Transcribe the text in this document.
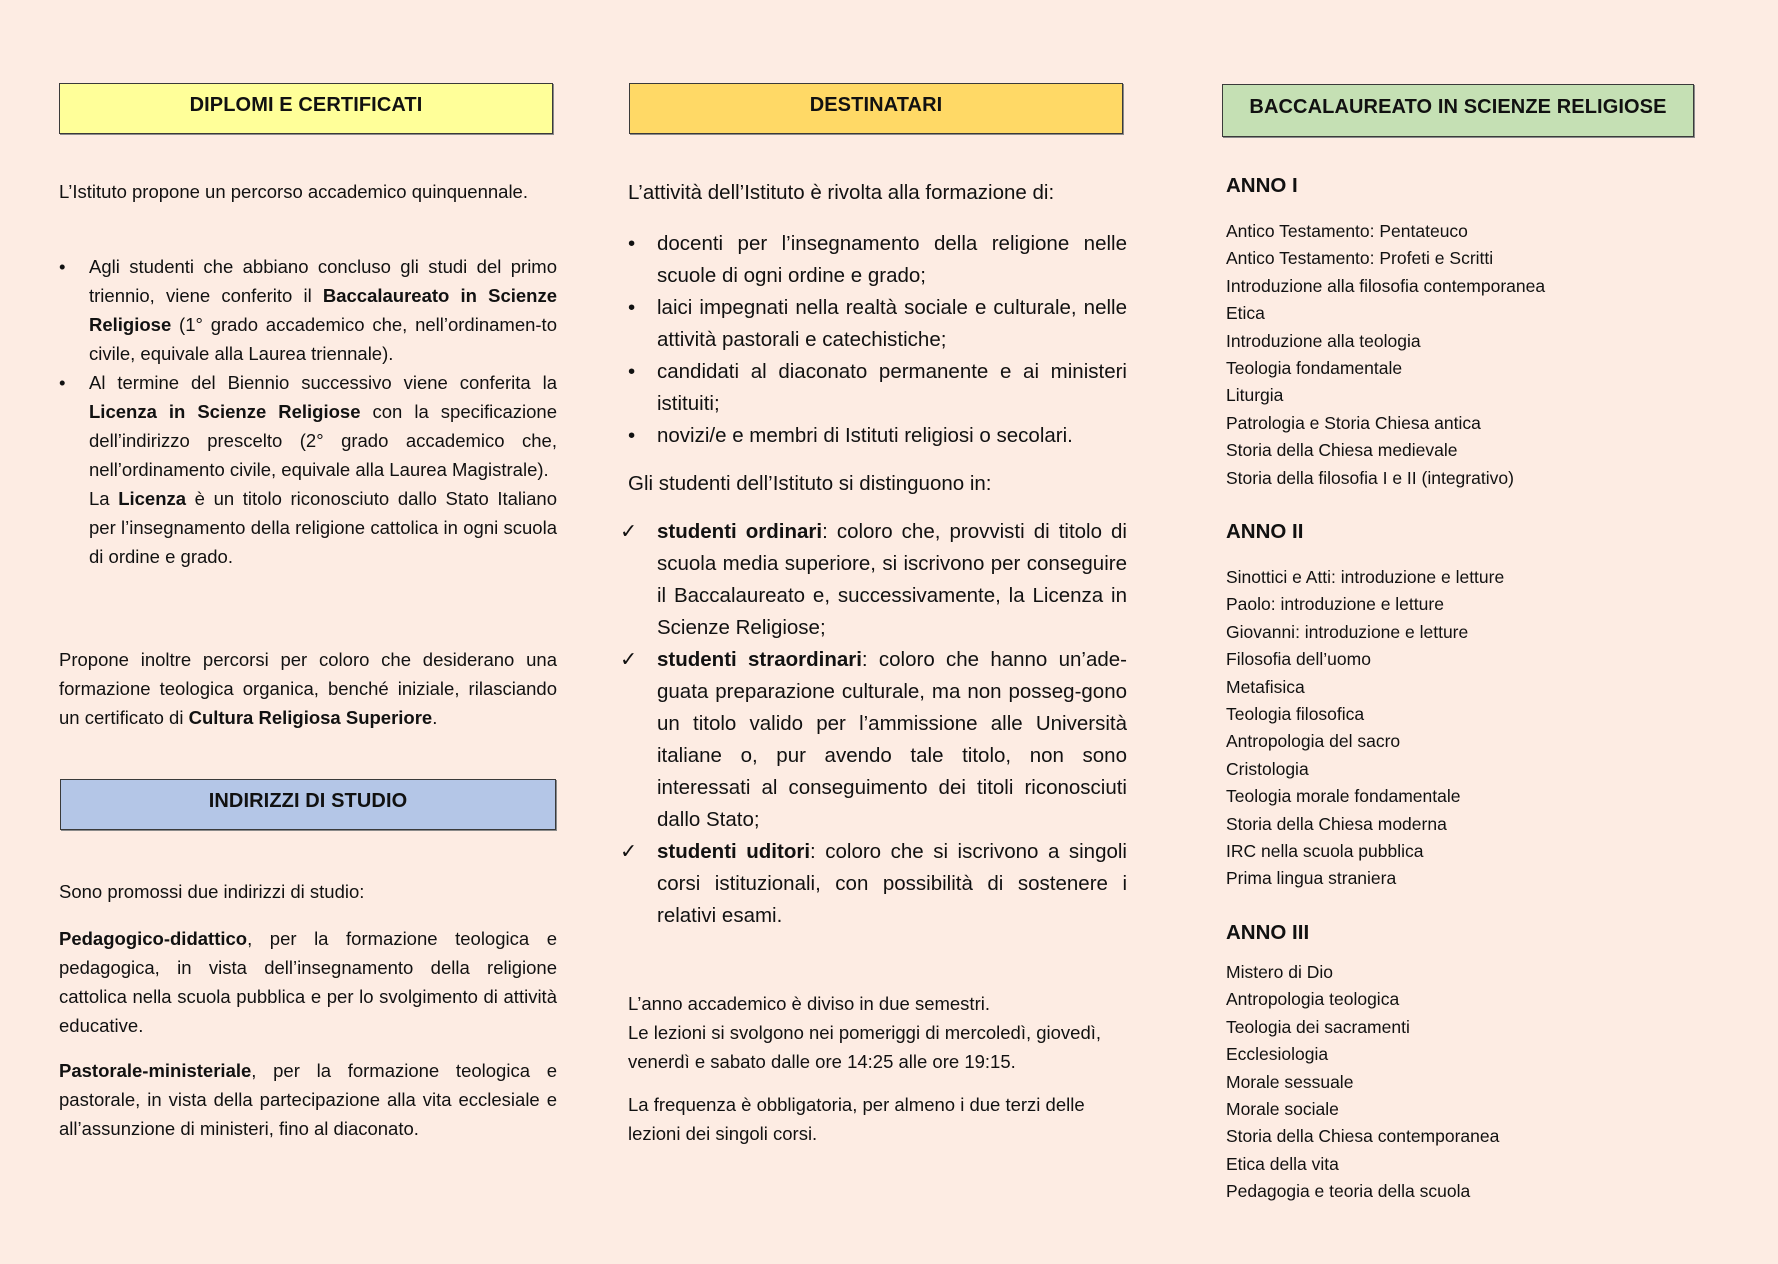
DIPLOMI E CERTIFICATI

L’Istituto propone un percorso accademico quinquennale.

•	Agli studenti che abbiano concluso gli studi del primo triennio, viene conferito il Baccalaureato in Scienze Religiose (1° grado accademico che, nell’ordinamen-to civile, equivale alla Laurea triennale).
•	Al termine del Biennio successivo viene conferita la Licenza in Scienze Religiose con la specificazione dell’indirizzo prescelto (2° grado accademico che, nell’ordinamento civile, equivale alla Laurea Magistrale).
La Licenza è un titolo riconosciuto dallo Stato Italiano per l’insegnamento della religione cattolica in ogni scuola di ordine e grado.

Propone inoltre percorsi per coloro che desiderano una formazione teologica organica, benché iniziale, rilasciando un certificato di Cultura Religiosa Superiore.

INDIRIZZI DI STUDIO

Sono promossi due indirizzi di studio:

Pedagogico-didattico, per la formazione teologica e pedagogica, in vista dell’insegnamento della religione cattolica nella scuola pubblica e per lo svolgimento di attività educative.

Pastorale-ministeriale, per la formazione teologica e pastorale, in vista della partecipazione alla vita ecclesiale e all’assunzione di ministeri, fino al diaconato.

DESTINATARI

L’attività dell’Istituto è rivolta alla formazione di:

•	docenti per l’insegnamento della religione nelle scuole di ogni ordine e grado;
•	laici impegnati nella realtà sociale e culturale, nelle attività pastorali e catechistiche;
•	candidati al diaconato permanente e ai ministeri istituiti;
•	novizi/e e membri di Istituti religiosi o secolari.

Gli studenti dell’Istituto si distinguono in:

✓ studenti ordinari: coloro che, provvisti di titolo di scuola media superiore, si iscrivono per conseguire il Baccalaureato e, successivamente, la Licenza in Scienze Religiose;
✓ studenti straordinari: coloro che hanno un’ade-guata preparazione culturale, ma non posseg-gono un titolo valido per l’ammissione alle Università italiane o, pur avendo tale titolo, non sono interessati al conseguimento dei titoli riconosciuti dallo Stato;
✓ studenti uditori: coloro che si iscrivono a singoli corsi istituzionali, con possibilità di sostenere i relativi esami.

L’anno accademico è diviso in due semestri.

Le lezioni si svolgono nei pomeriggi di mercoledì, giovedì, venerdì e sabato dalle ore 14:25 alle ore 19:15.

La frequenza è obbligatoria, per almeno i due terzi delle lezioni dei singoli corsi.

BACCALAUREATO IN SCIENZE RELIGIOSE
ANNO I
Antico Testamento: Pentateuco
Antico Testamento: Profeti e Scritti
Introduzione alla filosofia contemporanea
Etica
Introduzione alla teologia
Teologia fondamentale
Liturgia
Patrologia e Storia Chiesa antica
Storia della Chiesa medievale
Storia della filosofia I e II (integrativo)
ANNO II
Sinottici e Atti: introduzione e letture
Paolo: introduzione e letture
Giovanni: introduzione e letture
Filosofia dell’uomo
Metafisica
Teologia filosofica
Antropologia del sacro
Cristologia
Teologia morale fondamentale
Storia della Chiesa moderna
IRC nella scuola pubblica
Prima lingua straniera
ANNO III
Mistero di Dio
Antropologia teologica
Teologia dei sacramenti
Ecclesiologia
Morale sessuale
Morale sociale
Storia della Chiesa contemporanea
Etica della vita
Pedagogia e teoria della scuola
